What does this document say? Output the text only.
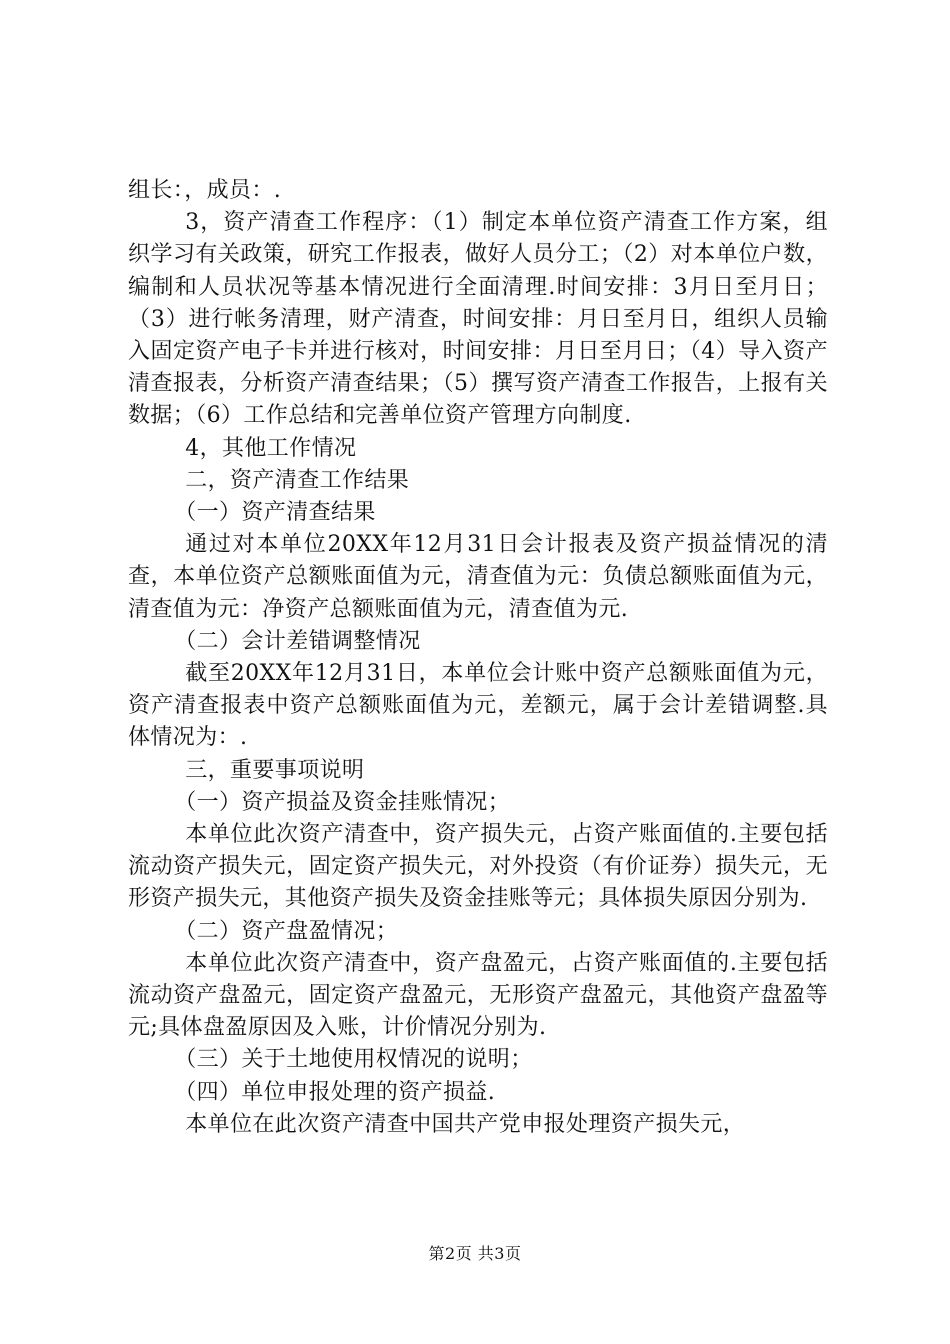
组长：，成员：.

3，资产清查工作程序：（1）制定本单位资产清查工作方案，组织学习有关政策，研究工作报表，做好人员分工；（2）对本单位户数，编制和人员状况等基本情况进行全面清理.时间安排：3月日至月日；（3）进行帐务清理，财产清查，时间安排：月日至月日，组织人员输入固定资产电子卡并进行核对，时间安排：月日至月日；（4）导入资产清查报表，分析资产清查结果；（5）撰写资产清查工作报告，上报有关数据；（6）工作总结和完善单位资产管理方向制度.

4，其他工作情况

二，资产清查工作结果

（一）资产清查结果

通过对本单位20XX年12月31日会计报表及资产损益情况的清查，本单位资产总额账面值为元，清查值为元：负债总额账面值为元，清查值为元：净资产总额账面值为元，清查值为元.

（二）会计差错调整情况

截至20XX年12月31日，本单位会计账中资产总额账面值为元，资产清查报表中资产总额账面值为元，差额元，属于会计差错调整.具体情况为：.

三，重要事项说明

（一）资产损益及资金挂账情况；

本单位此次资产清查中，资产损失元，占资产账面值的.主要包括流动资产损失元，固定资产损失元，对外投资（有价证券）损失元，无形资产损失元，其他资产损失及资金挂账等元；具体损失原因分别为.

（二）资产盘盈情况；

本单位此次资产清查中，资产盘盈元，占资产账面值的.主要包括流动资产盘盈元，固定资产盘盈元，无形资产盘盈元，其他资产盘盈等元;具体盘盈原因及入账，计价情况分别为.

（三）关于土地使用权情况的说明；

（四）单位申报处理的资产损益.

本单位在此次资产清查中国共产党申报处理资产损失元，

第2页 共3页
